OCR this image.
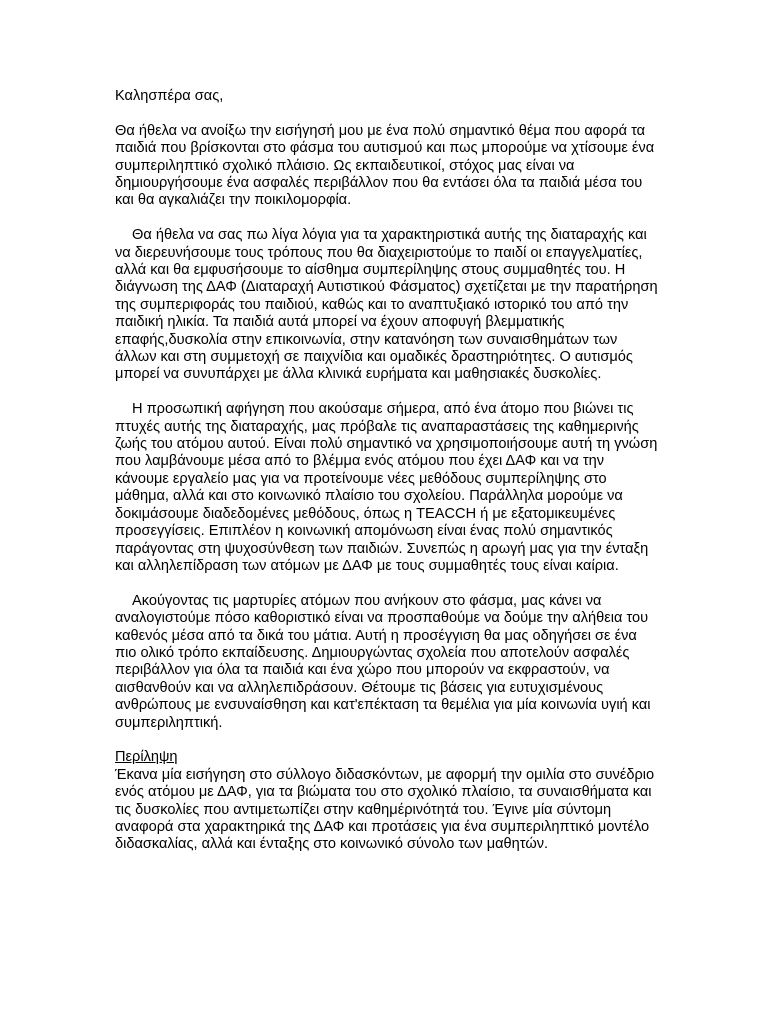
Καλησπέρα σας,

Θα ήθελα να ανοίξω την εισήγησή μου με ένα πολύ σημαντικό θέμα που αφορά τα παιδιά που βρίσκονται στο φάσμα του αυτισμού και πως μπορούμε να χτίσουμε ένα συμπεριληπτικό σχολικό πλάισιο. Ως εκπαιδευτικοί, στόχος μας είναι να δημιουργήσουμε ένα ασφαλές περιβάλλον που θα εντάσει όλα τα παιδιά μέσα του και θα αγκαλιάζει την ποικιλομορφία.

Θα ήθελα να σας πω λίγα λόγια για τα χαρακτηριστικά αυτής της διαταραχής και να διερευνήσουμε τους τρόπους που θα διαχειριστούμε το παιδί οι επαγγελματίες, αλλά και θα εμφυσήσουμε το αίσθημα συμπερίληψης στους συμμαθητές του. Η διάγνωση της ΔΑΦ (Διαταραχή Αυτιστικού Φάσματος) σχετίζεται με την παρατήρηση της συμπεριφοράς του παιδιού, καθώς και το αναπτυξιακό ιστορικό του από την παιδική ηλικία. Τα παιδιά αυτά μπορεί να έχουν αποφυγή βλεμματικής επαφής,δυσκολία στην επικοινωνία, στην κατανόηση των συναισθημάτων των άλλων και στη συμμετοχή σε παιχνίδια και ομαδικές δραστηριότητες. Ο αυτισμός μπορεί να συνυπάρχει με άλλα κλινικά ευρήματα και μαθησιακές δυσκολίες.

Η προσωπική αφήγηση που ακούσαμε σήμερα, από ένα άτομο που βιώνει τις πτυχές αυτής της διαταραχής, μας πρόβαλε τις αναπαραστάσεις της καθημερινής ζωής του ατόμου αυτού. Είναι πολύ σημαντικό να χρησιμοποιήσουμε αυτή τη γνώση που λαμβάνουμε μέσα από το βλέμμα ενός ατόμου που έχει ΔΑΦ και να την κάνουμε εργαλείο μας για να προτείνουμε νέες μεθόδους συμπερίληψης στο μάθημα, αλλά και στο κοινωνικό πλαίσιο του σχολείου. Παράλληλα μορούμε να δοκιμάσουμε διαδεδομένες μεθόδους, όπως η TEACCH ή με εξατομικευμένες προσεγγίσεις. Επιπλέον η κοινωνική απομόνωση είναι ένας πολύ σημαντικός παράγοντας στη ψυχοσύνθεση των παιδιών. Συνεπώς η αρωγή μας για την ένταξη και αλληλεπίδραση των ατόμων με ΔΑΦ με τους συμμαθητές τους είναι καίρια.

Ακούγοντας τις μαρτυρίες ατόμων που ανήκουν στο φάσμα, μας κάνει να αναλογιστούμε πόσο καθοριστικό είναι να προσπαθούμε να δούμε την αλήθεια του καθενός μέσα από τα δικά του μάτια. Αυτή η προσέγγιση θα μας οδηγήσει σε ένα πιο ολικό τρόπο εκπαίδευσης. Δημιουργώντας σχολεία που αποτελούν ασφαλές περιβάλλον για όλα τα παιδιά και ένα χώρο που μπορούν να εκφραστούν, να αισθανθούν και να αλληλεπιδράσουν. Θέτουμε τις βάσεις για ευτυχισμένους ανθρώπους με ενσυναίσθηση και κατ'επέκταση τα θεμέλια για μία κοινωνία υγιή και συμπεριληπτική.

Περίληψη

Έκανα μία εισήγηση στο σύλλογο διδασκόντων, με αφορμή την ομιλία στο συνέδριο ενός ατόμου με ΔΑΦ, για τα βιώματα του στο σχολικό πλαίσιο, τα συναισθήματα και τις δυσκολίες που αντιμετωπίζει στην καθημέρινότητά του. Έγινε μία σύντομη αναφορά στα χαρακτηρικά της ΔΑΦ και προτάσεις για ένα συμπεριληπτικό μοντέλο διδασκαλίας, αλλά και ένταξης στο κοινωνικό σύνολο των μαθητών.
